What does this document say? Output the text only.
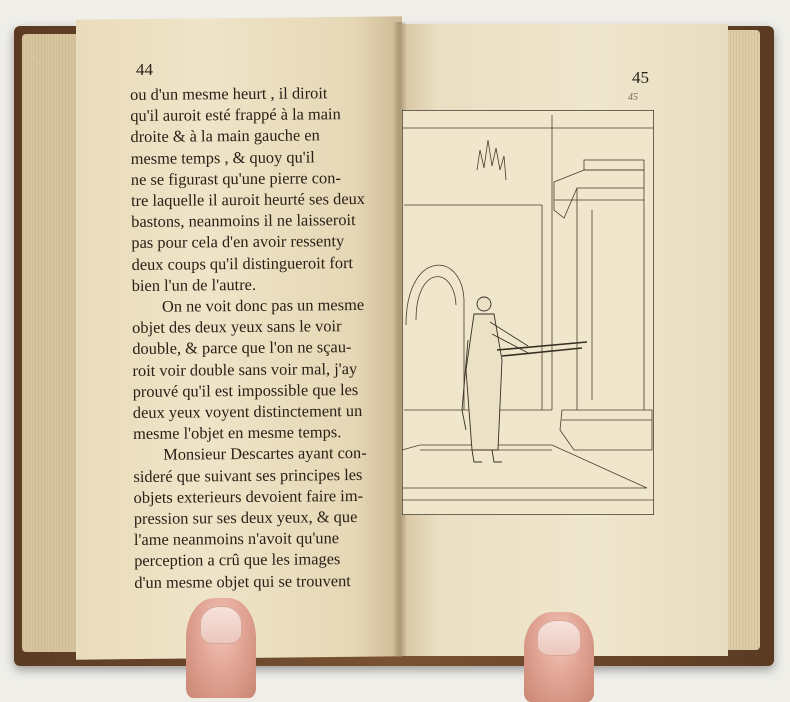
6
44	45
45
ou d'un mesme heurt , il diroit
qu'il auroit esté frappé à la main
droite & à la main gauche en
mesme temps , & quoy qu'il
ne se figurast qu'une pierre con-
tre laquelle il auroit heurté ses deux
bastons, neanmoins il ne laisseroit
pas pour cela d'en avoir ressenty
deux coups qu'il distingueroit fort
bien l'un de l'autre.
On ne voit donc pas un mesme
objet des deux yeux sans le voir
double, & parce que l'on ne sçau-
roit voir double sans voir mal, j'ay
prouvé qu'il est impossible que les
deux yeux voyent distinctement un
mesme l'objet en mesme temps.
Monsieur Descartes ayant con-
sideré que suivant ses principes les
objets exterieurs devoient faire im-
pression sur ses deux yeux, & que
l'ame neanmoins n'avoit qu'une
perception a crû que les images
d'un mesme objet qui se trouvent
